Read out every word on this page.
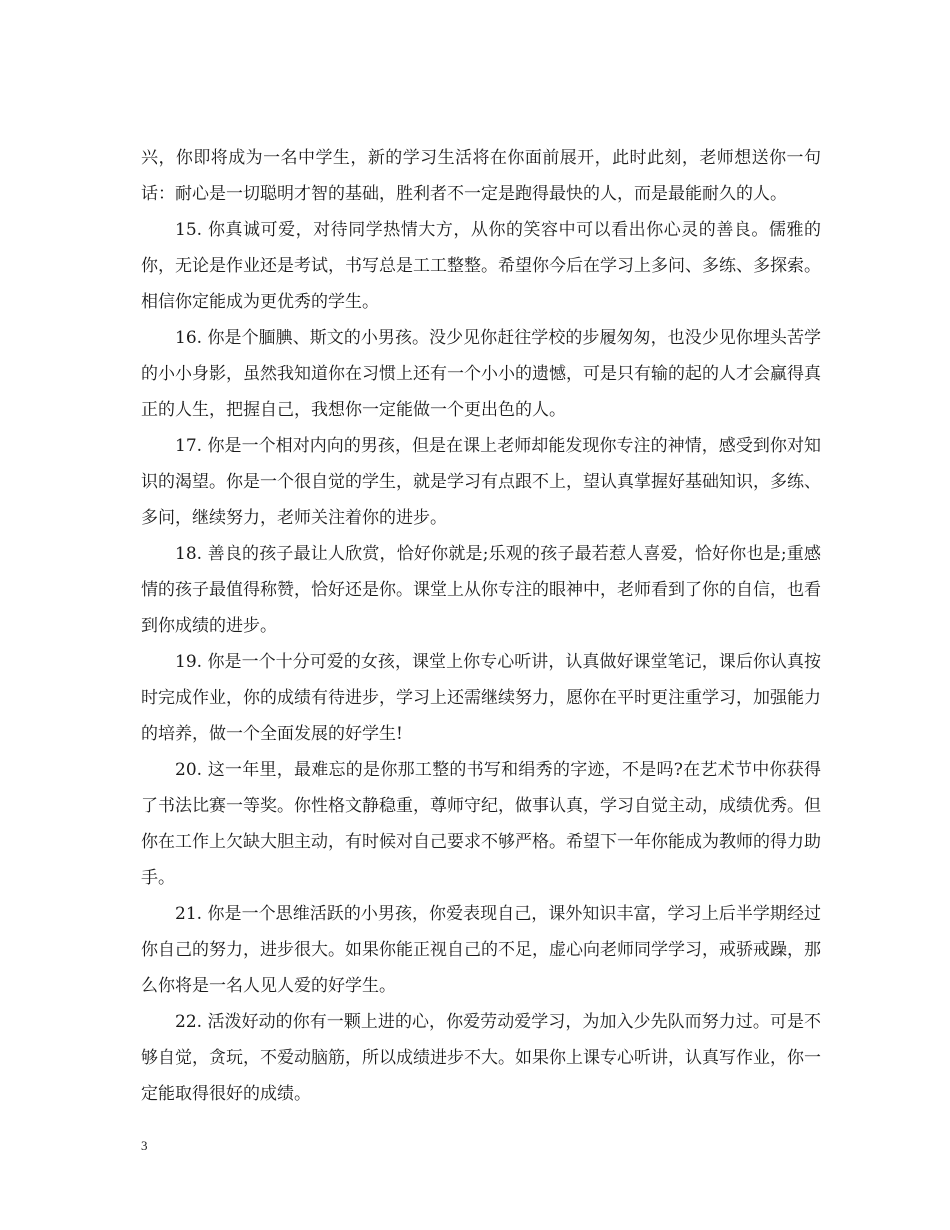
兴，你即将成为一名中学生，新的学习生活将在你面前展开，此时此刻，老师想送你一句话：耐心是一切聪明才智的基础，胜利者不一定是跑得最快的人，而是最能耐久的人。

15. 你真诚可爱，对待同学热情大方，从你的笑容中可以看出你心灵的善良。儒雅的你，无论是作业还是考试，书写总是工工整整。希望你今后在学习上多问、多练、多探索。相信你定能成为更优秀的学生。

16. 你是个腼腆、斯文的小男孩。没少见你赶往学校的步履匆匆，也没少见你埋头苦学的小小身影，虽然我知道你在习惯上还有一个小小的遗憾，可是只有输的起的人才会赢得真正的人生，把握自己，我想你一定能做一个更出色的人。

17. 你是一个相对内向的男孩，但是在课上老师却能发现你专注的神情，感受到你对知识的渴望。你是一个很自觉的学生，就是学习有点跟不上，望认真掌握好基础知识，多练、多问，继续努力，老师关注着你的进步。

18. 善良的孩子最让人欣赏，恰好你就是;乐观的孩子最若惹人喜爱，恰好你也是;重感情的孩子最值得称赞，恰好还是你。课堂上从你专注的眼神中，老师看到了你的自信，也看到你成绩的进步。

19. 你是一个十分可爱的女孩，课堂上你专心听讲，认真做好课堂笔记，课后你认真按时完成作业，你的成绩有待进步，学习上还需继续努力，愿你在平时更注重学习，加强能力的培养，做一个全面发展的好学生!

20. 这一年里，最难忘的是你那工整的书写和绢秀的字迹，不是吗?在艺术节中你获得了书法比赛一等奖。你性格文静稳重，尊师守纪，做事认真，学习自觉主动，成绩优秀。但你在工作上欠缺大胆主动，有时候对自己要求不够严格。希望下一年你能成为教师的得力助手。

21. 你是一个思维活跃的小男孩，你爱表现自己，课外知识丰富，学习上后半学期经过你自己的努力，进步很大。如果你能正视自己的不足，虚心向老师同学学习，戒骄戒躁，那么你将是一名人见人爱的好学生。

22. 活泼好动的你有一颗上进的心，你爱劳动爱学习，为加入少先队而努力过。可是不够自觉，贪玩，不爱动脑筋，所以成绩进步不大。如果你上课专心听讲，认真写作业，你一定能取得很好的成绩。

3
